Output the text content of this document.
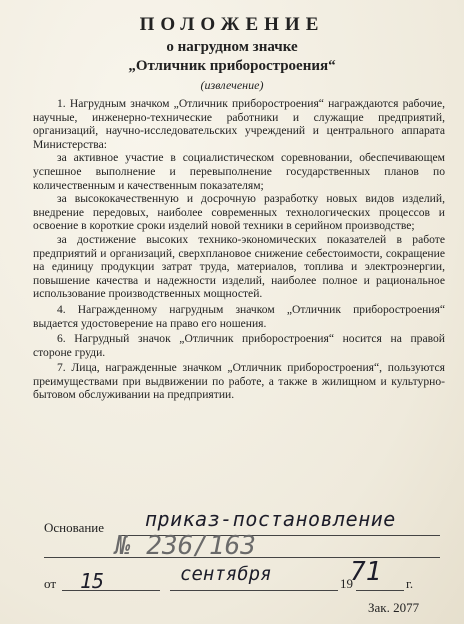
ПОЛОЖЕНИЕ
о нагрудном значке
„Отличник приборостроения“
(извлечение)

1. Нагрудным значком „Отличник приборостроения“ награждаются рабочие, научные, инженерно-технические работники и служащие предприятий, организаций, научно-исследовательских учреждений и центрального аппарата Министерства:

за активное участие в социалистическом соревновании, обеспечивающем успешное выполнение и перевыполнение государственных планов по количественным и качественным показателям;

за высококачественную и досрочную разработку новых видов изделий, внедрение передовых, наиболее современных технологических процессов и освоение в короткие сроки изделий новой техники в серийном производстве;

за достижение высоких технико-экономических показателей в работе предприятий и организаций, сверхплановое снижение себестоимости, сокращение на единицу продукции затрат труда, материалов, топлива и электроэнергии, повышение качества и надежности изделий, наиболее полное и рациональное использование производственных мощностей.

4. Награжденному нагрудным значком „Отличник приборостроения“ выдается удостоверение на право его ношения.

6. Нагрудный значок „Отличник приборостроения“ носится на правой стороне груди.

7. Лица, награжденные значком „Отличник приборостроения“, пользуются преимуществами при выдвижении по работе, а также в жилищном и культурно-бытовом обслуживании на предприятии.

Основание приказ-постановление
№ 236/163
от 15	сентября	19
71 г.
Зак. 2077
